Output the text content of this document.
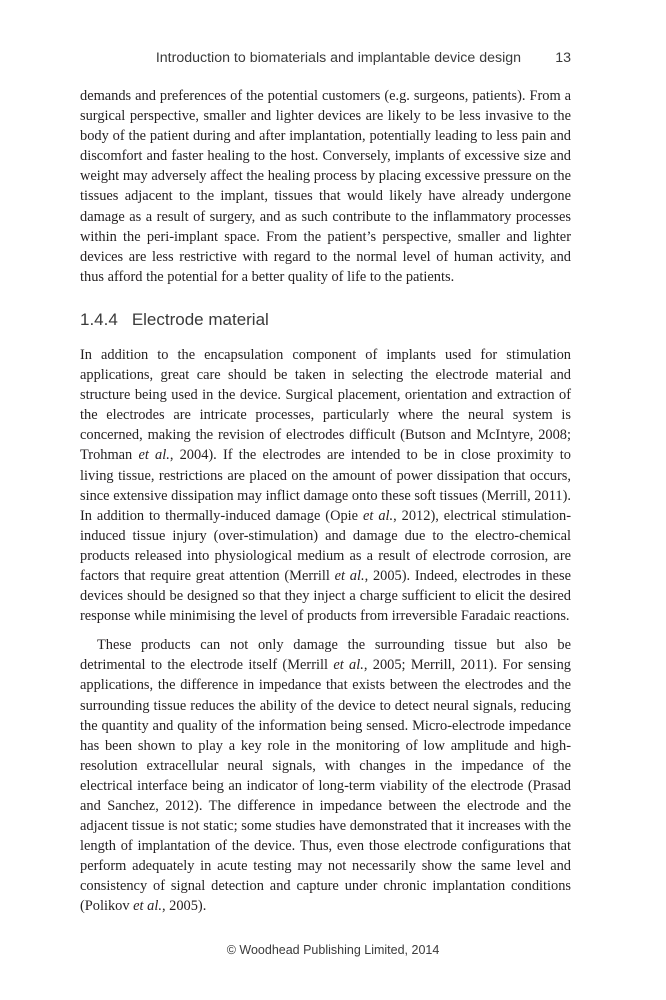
Introduction to biomaterials and implantable device design 13

demands and preferences of the potential customers (e.g. surgeons, patients). From a surgical perspective, smaller and lighter devices are likely to be less invasive to the body of the patient during and after implantation, potentially leading to less pain and discomfort and faster healing to the host. Conversely, implants of excessive size and weight may adversely affect the healing process by placing excessive pressure on the tissues adjacent to the implant, tissues that would likely have already undergone damage as a result of surgery, and as such contribute to the inflammatory processes within the peri-implant space. From the patient’s perspective, smaller and lighter devices are less restrictive with regard to the normal level of human activity, and thus afford the potential for a better quality of life to the patients.

1.4.4 Electrode material

In addition to the encapsulation component of implants used for stimulation applications, great care should be taken in selecting the electrode material and structure being used in the device. Surgical placement, orientation and extraction of the electrodes are intricate processes, particularly where the neural system is concerned, making the revision of electrodes difficult (Butson and McIntyre, 2008; Trohman et al., 2004). If the electrodes are intended to be in close proximity to living tissue, restrictions are placed on the amount of power dissipation that occurs, since extensive dissipation may inflict damage onto these soft tissues (Merrill, 2011). In addition to thermally-induced damage (Opie et al., 2012), electrical stimulation-induced tissue injury (over-stimulation) and damage due to the electro-chemical products released into physiological medium as a result of electrode corrosion, are factors that require great attention (Merrill et al., 2005). Indeed, electrodes in these devices should be designed so that they inject a charge sufficient to elicit the desired response while minimising the level of products from irreversible Faradaic reactions.

These products can not only damage the surrounding tissue but also be detrimental to the electrode itself (Merrill et al., 2005; Merrill, 2011). For sensing applications, the difference in impedance that exists between the electrodes and the surrounding tissue reduces the ability of the device to detect neural signals, reducing the quantity and quality of the information being sensed. Micro-electrode impedance has been shown to play a key role in the monitoring of low amplitude and high-resolution extracellular neural signals, with changes in the impedance of the electrical interface being an indicator of long-term viability of the electrode (Prasad and Sanchez, 2012). The difference in impedance between the electrode and the adjacent tissue is not static; some studies have demonstrated that it increases with the length of implantation of the device. Thus, even those electrode configurations that perform adequately in acute testing may not necessarily show the same level and consistency of signal detection and capture under chronic implantation conditions (Polikov et al., 2005).

© Woodhead Publishing Limited, 2014
